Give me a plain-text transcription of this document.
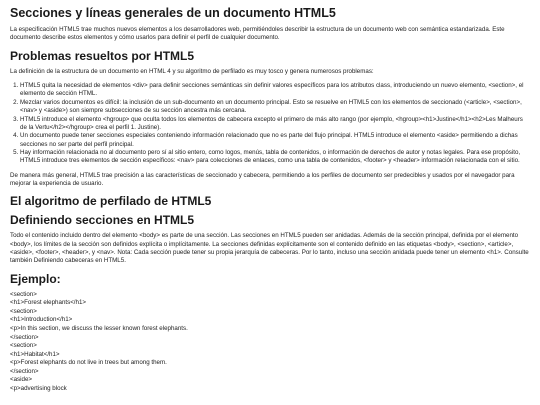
Secciones y líneas generales de un documento HTML5

La especificación HTML5 trae muchos nuevos elementos a los desarrolladores web, permitiéndoles describir la estructura de un documento web con semántica estandarizada. Este documento describe estos elementos y cómo usarlos para definir el perfil de cualquier documento.

Problemas resueltos por HTML5

La definición de la estructura de un documento en HTML 4 y su algoritmo de perfilado es muy tosco y genera numerosos problemas:

1. HTML5 quita la necesidad de elementos <div> para definir secciones semánticas sin definir valores específicos para los atributos class, introduciendo un nuevo elemento, <section>, el elemento de sección HTML.
2. Mezclar varios documentos es difícil: la inclusión de un sub-documento en un documento principal. Esto se resuelve en HTML5 con los elementos de seccionado (<article>, <section>, <nav> y <aside>) son siempre subsecciones de su sección ancestra más cercana.
3. HTML5 introduce el elemento <hgroup> que oculta todos los elementos de cabecera excepto el primero de más alto rango (por ejemplo, <hgroup><h1>Justine</h1><h2>Les Malheurs de la Vertu</h2></hgroup> crea el perfil 1. Justine).
4. Un documento puede tener secciones especiales conteniendo información relacionado que no es parte del flujo principal. HTML5 introduce el elemento <aside> permitiendo a dichas secciones no ser parte del perfil principal.
5. Hay información relacionada no al documento pero sí al sitio entero, como logos, menús, tabla de contenidos, o información de derechos de autor y notas legales. Para ese propósito, HTML5 introduce tres elementos de sección específicos: <nav> para colecciones de enlaces, como una tabla de contenidos, <footer> y <header> información relacionada con el sitio.

De manera más general, HTML5 trae precisión a las características de seccionado y cabecera, permitiendo a los perfiles de documento ser predecibles y usados por el navegador para mejorar la experiencia de usuario.

El algoritmo de perfilado de HTML5
Definiendo secciones en HTML5

Todo el contenido incluido dentro del elemento <body> es parte de una sección. Las secciones en HTML5 pueden ser anidadas. Además de la sección principal, definida por el elemento <body>, los límites de la sección son definidos explícita o implícitamente. La secciones definidas explícitamente son el contenido definido en las etiquetas <body>, <section>, <article>, <aside>, <footer>, <header>, y <nav>. Nota: Cada sección puede tener su propia jerarquía de cabeceras. Por lo tanto, incluso una sección anidada puede tener un elemento <h1>. Consulte también Definiendo cabeceras en HTML5.

Ejemplo:
<section>
<h1>Forest elephants</h1>
<section>
<h1>Introduction</h1>
<p>In this section, we discuss the lesser known forest elephants.
</section>
<section>
<h1>Habitat</h1>
<p>Forest elephants do not live in trees but among them.
</section>
<aside>
<p>advertising block
